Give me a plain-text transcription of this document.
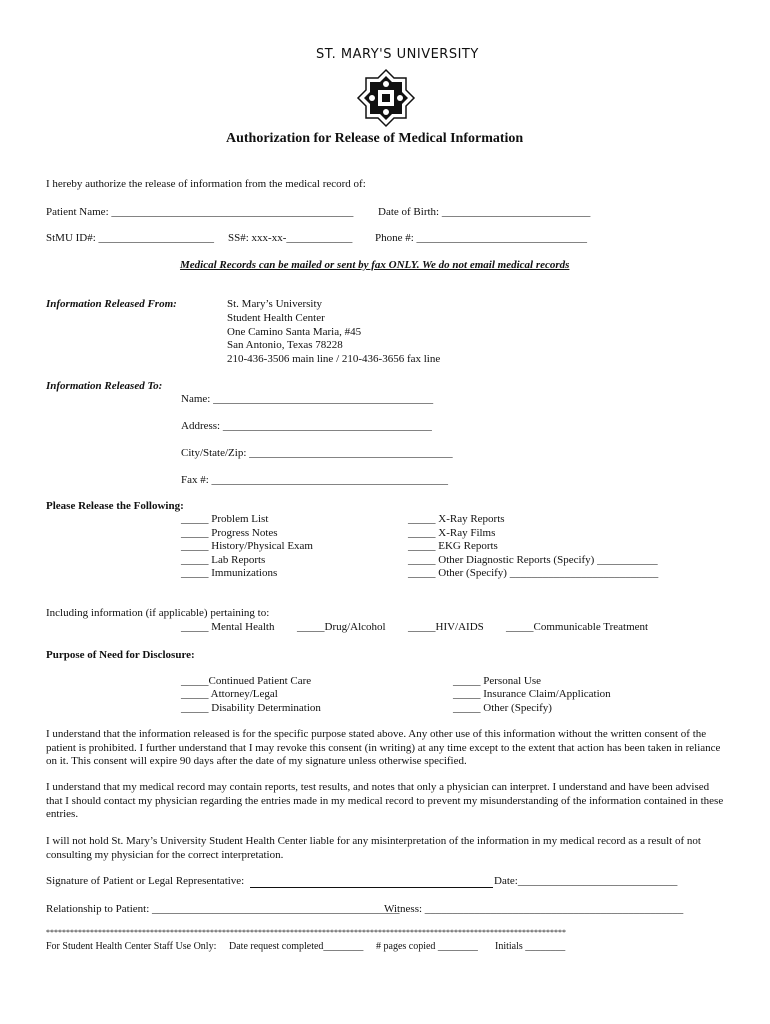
ST. MARY'S UNIVERSITY
Authorization for Release of Medical Information
I hereby authorize the release of information from the medical record of:
Patient Name: ____________________________________________ Date of Birth: ___________________________
StMU ID#: _____________________ SS#: xxx-xx-____________ Phone #: _______________________________
Medical Records can be mailed or sent by fax ONLY. We do not email medical records
Information Released From:	St. Mary’s University
Student Health Center
One Camino Santa Maria, #45
San Antonio, Texas 78228
210-436-3506 main line / 210-436-3656 fax line
Information Released To:
Name: ________________________________________
Address: ______________________________________
City/State/Zip: _____________________________________
Fax #: ___________________________________________
Please Release the Following:
_____ Problem List
_____ Progress Notes
_____ History/Physical Exam
_____ Lab Reports
_____ Immunizations
_____ X-Ray Reports
_____ X-Ray Films
_____ EKG Reports
_____ Other Diagnostic Reports (Specify) ___________
_____ Other (Specify) ___________________________
Including information (if applicable) pertaining to:
_____ Mental Health _____Drug/Alcohol _____HIV/AIDS _____Communicable Treatment
Purpose of Need for Disclosure:
_____Continued Patient Care
_____ Attorney/Legal
_____ Disability Determination
_____ Personal Use
_____ Insurance Claim/Application
_____ Other (Specify)
I understand that the information released is for the specific purpose stated above. Any other use of this information without the written consent of the patient is prohibited. I further understand that I may revoke this consent (in writing) at any time except to the extent that action has been taken in reliance on it. This consent will expire 90 days after the date of my signature unless otherwise specified.
I understand that my medical record may contain reports, test results, and notes that only a physician can interpret. I understand and have been advised that I should contact my physician regarding the entries made in my medical record to prevent my misunderstanding of the information contained in these entries.
I will not hold St. Mary’s University Student Health Center liable for any misinterpretation of the information in my medical record as a result of not consulting my physician for the correct interpretation.
Signature of Patient or Legal Representative:	Date:_____________________________
Relationship to Patient: _____________________________________________
Witness: _______________________________________________
**********************************************************************************************************************************
For Student Health Center Staff Use Only: Date request completed________ # pages copied ________ Initials ________
